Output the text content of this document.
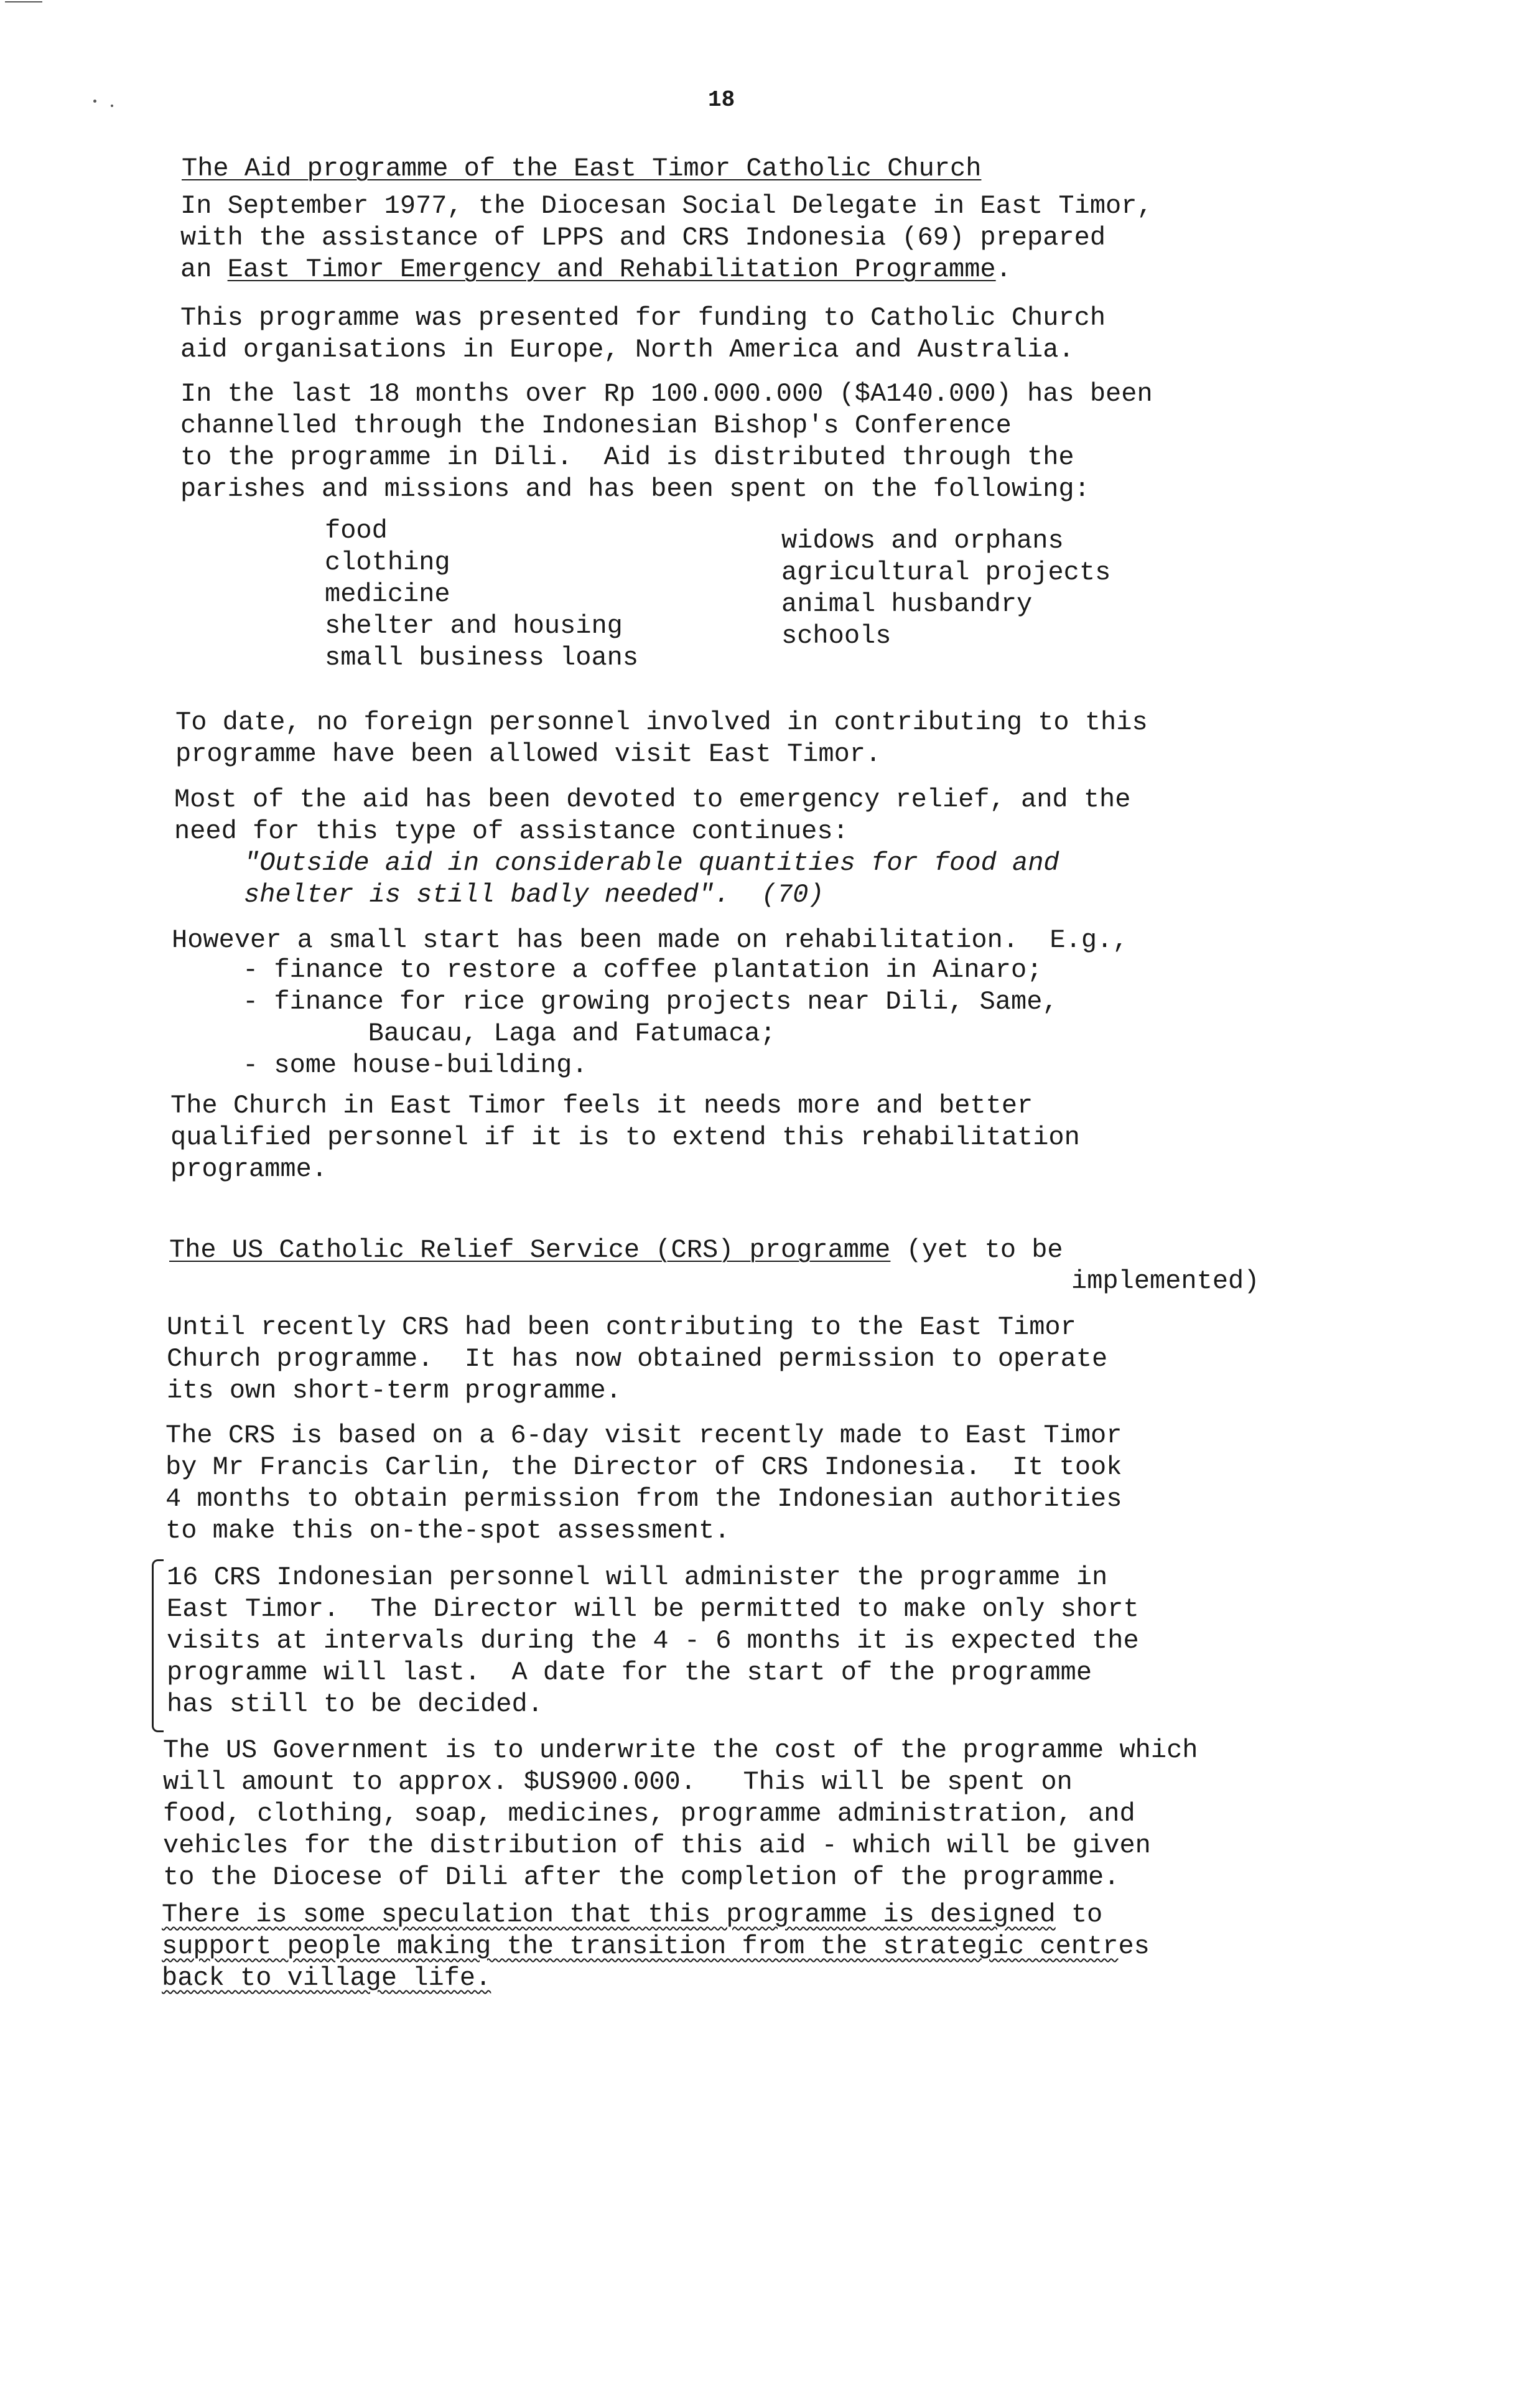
18
The Aid programme of the East Timor Catholic Church
In September 1977, the Diocesan Social Delegate in East Timor,
with the assistance of LPPS and CRS Indonesia (69) prepared
an East Timor Emergency and Rehabilitation Programme.
This programme was presented for funding to Catholic Church
aid organisations in Europe, North America and Australia.
In the last 18 months over Rp 100.000.000 ($A140.000) has been
channelled through the Indonesian Bishop's Conference
to the programme in Dili.  Aid is distributed through the
parishes and missions and has been spent on the following:
food
clothing
medicine
shelter and housing
small business loans
widows and orphans
agricultural projects
animal husbandry
schools
To date, no foreign personnel involved in contributing to this
programme have been allowed visit East Timor.
Most of the aid has been devoted to emergency relief, and the
need for this type of assistance continues:
"Outside aid in considerable quantities for food and
shelter is still badly needed".  (70)
However a small start has been made on rehabilitation.  E.g.,
- finance to restore a coffee plantation in Ainaro;
- finance for rice growing projects near Dili, Same,
Baucau, Laga and Fatumaca;
- some house-building.
The Church in East Timor feels it needs more and better
qualified personnel if it is to extend this rehabilitation
programme.
The US Catholic Relief Service (CRS) programme (yet to be
implemented)
Until recently CRS had been contributing to the East Timor
Church programme.  It has now obtained permission to operate
its own short-term programme.
The CRS is based on a 6-day visit recently made to East Timor
by Mr Francis Carlin, the Director of CRS Indonesia.  It took
4 months to obtain permission from the Indonesian authorities
to make this on-the-spot assessment.
16 CRS Indonesian personnel will administer the programme in
East Timor.  The Director will be permitted to make only short
visits at intervals during the 4 - 6 months it is expected the
programme will last.  A date for the start of the programme
has still to be decided.
The US Government is to underwrite the cost of the programme which
will amount to approx. $US900.000.   This will be spent on
food, clothing, soap, medicines, programme administration, and
vehicles for the distribution of this aid - which will be given
to the Diocese of Dili after the completion of the programme.
There is some speculation that this programme is designed to
support people making the transition from the strategic centres
back to village life.
